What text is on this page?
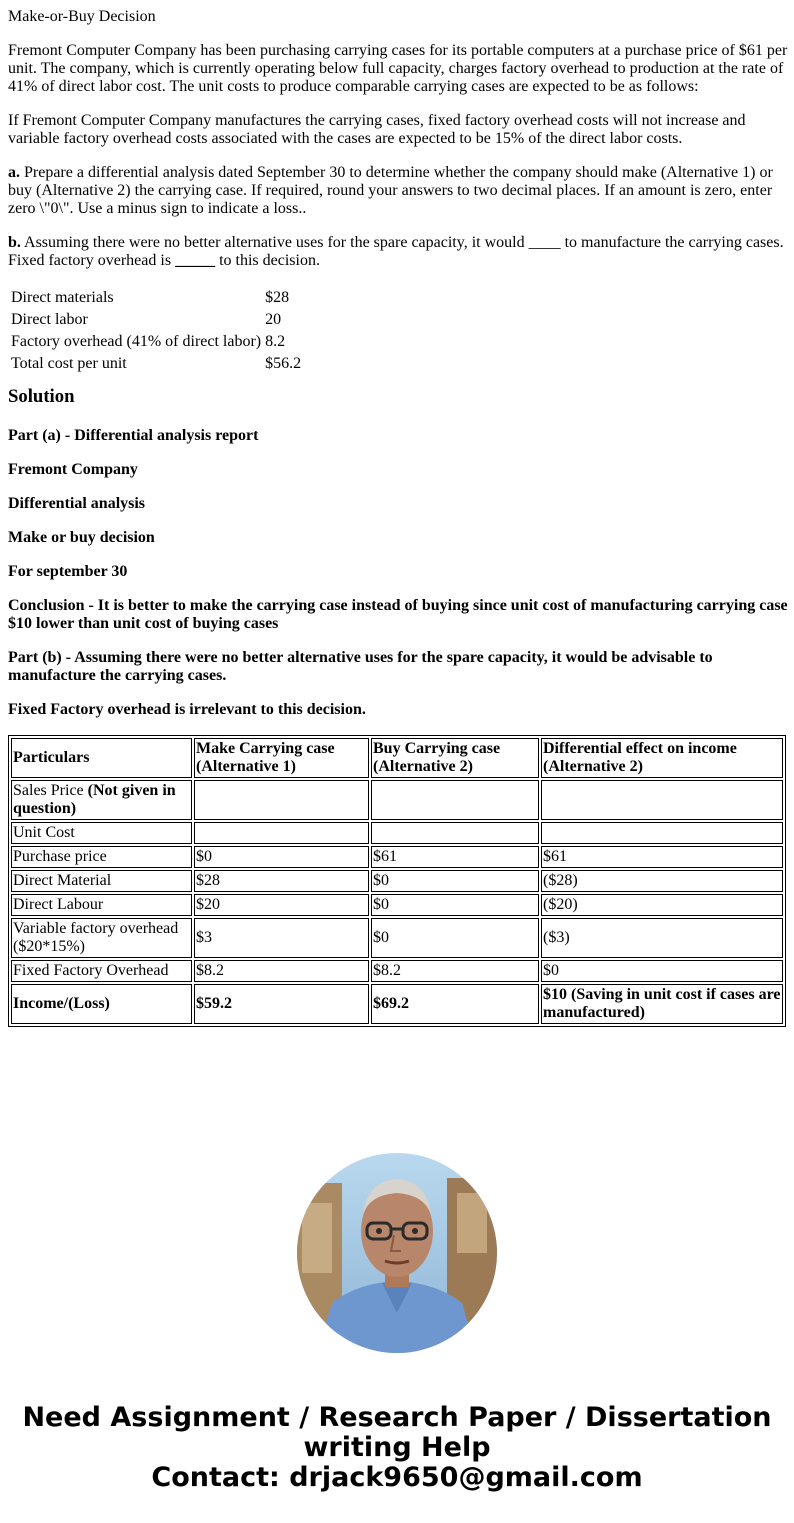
Make-or-Buy Decision

Fremont Computer Company has been purchasing carrying cases for its portable computers at a purchase price of $61 per unit. The company, which is currently operating below full capacity, charges factory overhead to production at the rate of 41% of direct labor cost. The unit costs to produce comparable carrying cases are expected to be as follows:

If Fremont Computer Company manufactures the carrying cases, fixed factory overhead costs will not increase and variable factory overhead costs associated with the cases are expected to be 15% of the direct labor costs.

a. Prepare a differential analysis dated September 30 to determine whether the company should make (Alternative 1) or buy (Alternative 2) the carrying case. If required, round your answers to two decimal places. If an amount is zero, enter zero \"0\". Use a minus sign to indicate a loss..

b. Assuming there were no better alternative uses for the spare capacity, it would ____ to manufacture the carrying cases. Fixed factory overhead is _____ to this decision.

Direct materials	$28
Direct labor	20
Factory overhead (41% of direct labor)	8.2
Total cost per unit	$56.2
Solution

Part (a) - Differential analysis report

Fremont Company

Differential analysis

Make or buy decision

For september 30

Conclusion - It is better to make the carrying case instead of buying since unit cost of manufacturing carrying case $10 lower than unit cost of buying cases

Part (b) - Assuming there were no better alternative uses for the spare capacity, it would be advisable to manufacture the carrying cases.

Fixed Factory overhead is irrelevant to this decision.

Particulars	Make Carrying case (Alternative 1)	Buy Carrying case (Alternative 2)	Differential effect on income (Alternative 2)
Sales Price (Not given in question)			
Unit Cost			
Purchase price	$0	$61	$61
Direct Material	$28	$0	($28)
Direct Labour	$20	$0	($20)
Variable factory overhead ($20*15%)	$3	$0	($3)
Fixed Factory Overhead	$8.2	$8.2	$0
Income/(Loss)	$59.2	$69.2	$10 (Saving in unit cost if cases are manufactured)
Need Assignment / Research Paper / Dissertation
writing Help
Contact: drjack9650@gmail.com
